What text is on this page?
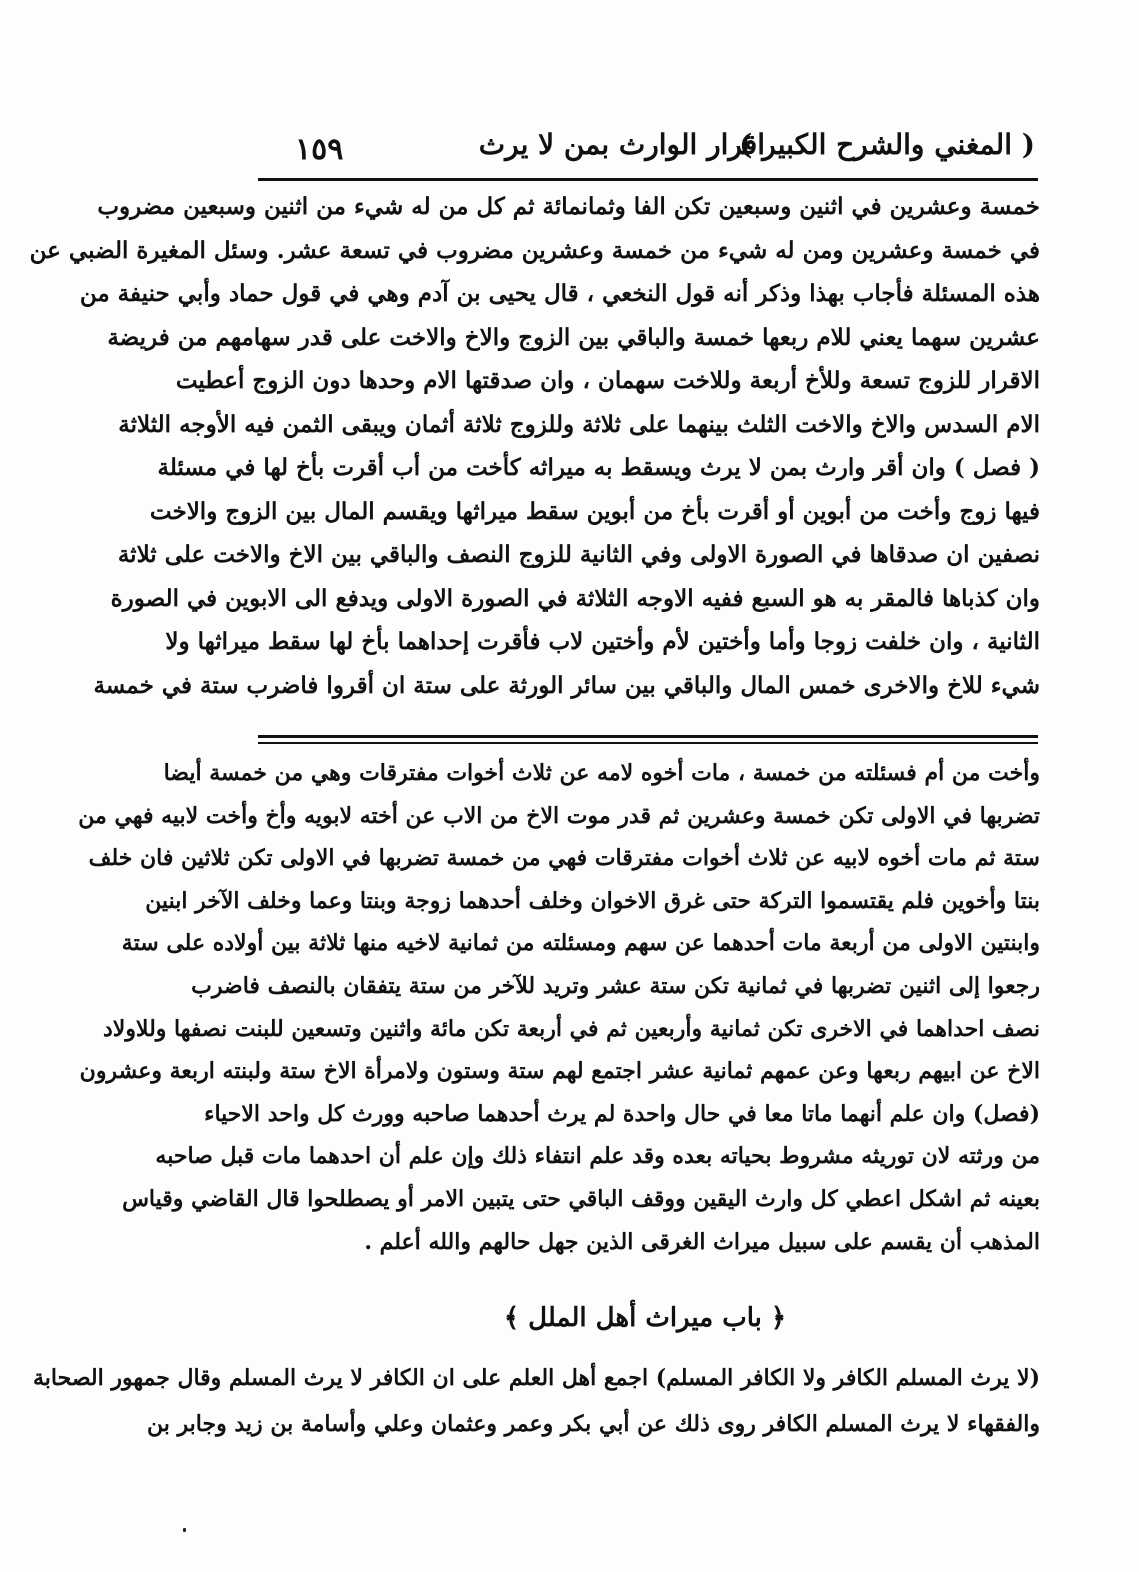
( المغني والشرح الكبير )
اقرار الوارث بمن لا يرث
١٥٩
خمسة وعشرين في اثنين وسبعين تكن الفا وثمانمائة ثم كل من له شيء من اثنين وسبعين مضروب
في خمسة وعشرين ومن له شيء من خمسة وعشرين مضروب في تسعة عشر. وسئل المغيرة الضبي عن
هذه المسئلة فأجاب بهذا وذكر أنه قول النخعي ، قال يحيى بن آدم وهي في قول حماد وأبي حنيفة من
عشرين سهما يعني للام ربعها خمسة والباقي بين الزوج والاخ والاخت على قدر سهامهم من فريضة
الاقرار للزوج تسعة وللأخ أربعة وللاخت سهمان ، وان صدقتها الام وحدها دون الزوج أعطيت
الام السدس والاخ والاخت الثلث بينهما على ثلاثة وللزوج ثلاثة أثمان ويبقى الثمن فيه الأوجه الثلاثة
( فصل ) وان أقر وارث بمن لا يرث ويسقط به ميراثه كأخت من أب أقرت بأخ لها في مسئلة
فيها زوج وأخت من أبوين أو أقرت بأخ من أبوين سقط ميراثها ويقسم المال بين الزوج والاخت
نصفين ان صدقاها في الصورة الاولى وفي الثانية للزوج النصف والباقي بين الاخ والاخت على ثلاثة
وان كذباها فالمقر به هو السبع ففيه الاوجه الثلاثة في الصورة الاولى ويدفع الى الابوين في الصورة
الثانية ، وان خلفت زوجا وأما وأختين لأم وأختين لاب فأقرت إحداهما بأخ لها سقط ميراثها ولا
شيء للاخ والاخرى خمس المال والباقي بين سائر الورثة على ستة ان أقروا فاضرب ستة في خمسة
وأخت من أم فسئلته من خمسة ، مات أخوه لامه عن ثلاث أخوات مفترقات وهي من خمسة أيضا
تضربها في الاولى تكن خمسة وعشرين ثم قدر موت الاخ من الاب عن أخته لابويه وأخ وأخت لابيه فهي من
ستة ثم مات أخوه لابيه عن ثلاث أخوات مفترقات فهي من خمسة تضربها في الاولى تكن ثلاثين فان خلف
بنتا وأخوين فلم يقتسموا التركة حتى غرق الاخوان وخلف أحدهما زوجة وبنتا وعما وخلف الآخر ابنين
وابنتين الاولى من أربعة مات أحدهما عن سهم ومسئلته من ثمانية لاخيه منها ثلاثة بين أولاده على ستة
رجعوا إلى اثنين تضربها في ثمانية تكن ستة عشر وتريد للآخر من ستة يتفقان بالنصف فاضرب
نصف احداهما في الاخرى تكن ثمانية وأربعين ثم في أربعة تكن مائة واثنين وتسعين للبنت نصفها وللاولاد
الاخ عن ابيهم ربعها وعن عمهم ثمانية عشر اجتمع لهم ستة وستون ولامرأة الاخ ستة ولبنته اربعة وعشرون
(فصل) وان علم أنهما ماتا معا في حال واحدة لم يرث أحدهما صاحبه وورث كل واحد الاحياء
من ورثته لان توريثه مشروط بحياته بعده وقد علم انتفاء ذلك وإن علم أن احدهما مات قبل صاحبه
بعينه ثم اشكل اعطي كل وارث اليقين ووقف الباقي حتى يتبين الامر أو يصطلحوا قال القاضي وقياس
المذهب أن يقسم على سبيل ميراث الغرقى الذين جهل حالهم والله أعلم .
﴿ باب ميراث أهل الملل ﴾
(لا يرث المسلم الكافر ولا الكافر المسلم) اجمع أهل العلم على ان الكافر لا يرث المسلم وقال جمهور الصحابة
والفقهاء لا يرث المسلم الكافر روى ذلك عن أبي بكر وعمر وعثمان وعلي وأسامة بن زيد وجابر بن
